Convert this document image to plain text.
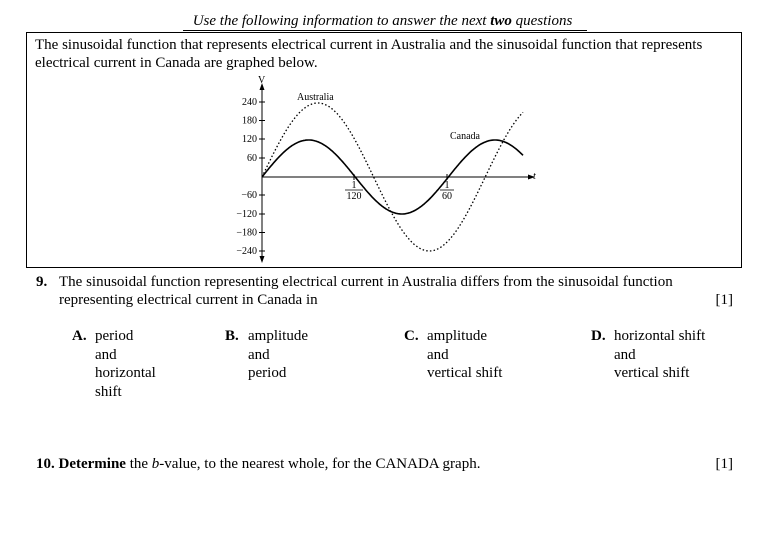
Use the following information to answer the next two questions
The sinusoidal function that represents electrical current in Australia and the sinusoidal function that represents electrical current in Canada are graphed below.
V
t
240
180
120
60
−60
−120
−180
−240
1
120
1
60
Australia
Canada
9. The sinusoidal function representing electrical current in Australia differs from the sinusoidal function
representing electrical current in Canada in	[1]
A. period
and
horizontal
shift
B. amplitude
and
period
C. amplitude
and
vertical shift
D. horizontal shift
and
vertical shift
10. Determine the b-value, to the nearest whole, for the CANADA graph.	[1]
